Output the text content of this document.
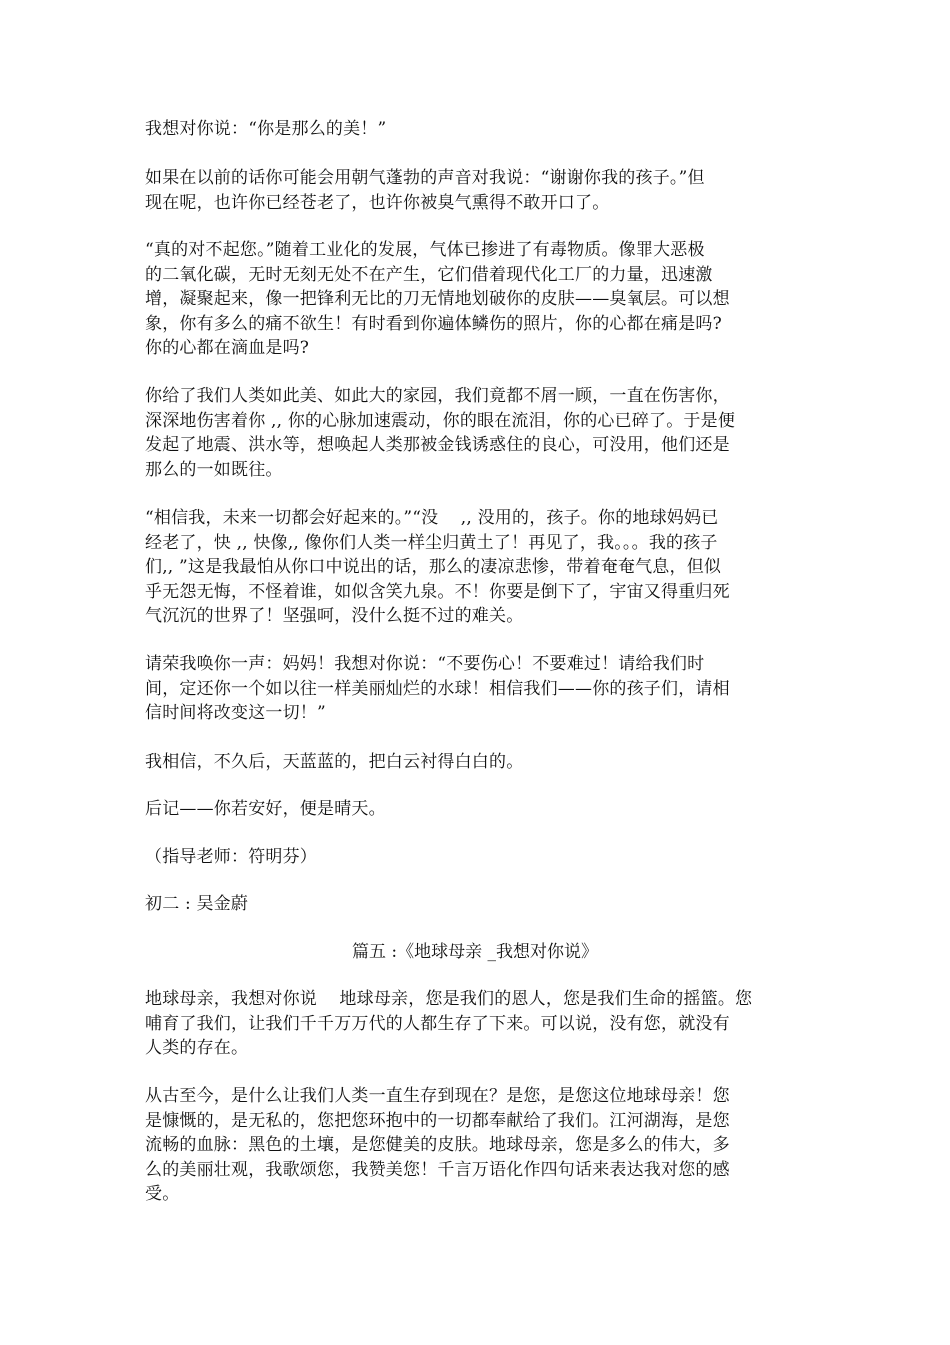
我想对你说：“你是那么的美！”

如果在以前的话你可能会用朝气蓬勃的声音对我说：“谢谢你我的孩子。”但
现在呢，也许你已经苍老了，也许你被臭气熏得不敢开口了。

“真的对不起您。”随着工业化的发展，气体已掺进了有毒物质。像罪大恶极
的二氧化碳，无时无刻无处不在产生，它们借着现代化工厂的力量，迅速激
增，凝聚起来，像一把锋利无比的刀无情地划破你的皮肤——臭氧层。可以想
象，你有多么的痛不欲生！有时看到你遍体鳞伤的照片，你的心都在痛是吗?
你的心都在滴血是吗?

你给了我们人类如此美、如此大的家园，我们竟都不屑一顾，一直在伤害你，
深深地伤害着你 ,, 你的心脉加速震动，你的眼在流泪，你的心已碎了。于是便
发起了地震、洪水等，想唤起人类那被金钱诱惑住的良心，可没用，他们还是
那么的一如既往。

“相信我，未来一切都会好起来的。”“没    ,, 没用的，孩子。你的地球妈妈已
经老了，快 ,, 快像,, 像你们人类一样尘归黄土了！再见了，我。。。我的孩子
们,, ”这是我最怕从你口中说出的话，那么的凄凉悲惨，带着奄奄气息，但似
乎无怨无悔，不怪着谁，如似含笑九泉。不！你要是倒下了，宇宙又得重归死
气沉沉的世界了！坚强呵，没什么挺不过的难关。

请荣我唤你一声：妈妈！我想对你说：“不要伤心！不要难过！请给我们时
间，定还你一个如以往一样美丽灿烂的水球！相信我们——你的孩子们，请相
信时间将改变这一切！”

我相信，不久后，天蓝蓝的，把白云衬得白白的。

后记——你若安好，便是晴天。

（指导老师：符明芬）

初二 : 吴金蔚

篇五 :《地球母亲 _我想对你说》

地球母亲，我想对你说    地球母亲，您是我们的恩人，您是我们生命的摇篮。您
哺育了我们，让我们千千万万代的人都生存了下来。可以说，没有您，就没有
人类的存在。

从古至今，是什么让我们人类一直生存到现在？是您，是您这位地球母亲！您
是慷慨的，是无私的，您把您环抱中的一切都奉献给了我们。江河湖海，是您
流畅的血脉：黑色的土壤，是您健美的皮肤。地球母亲，您是多么的伟大，多
么的美丽壮观，我歌颂您，我赞美您！千言万语化作四句话来表达我对您的感
受。
